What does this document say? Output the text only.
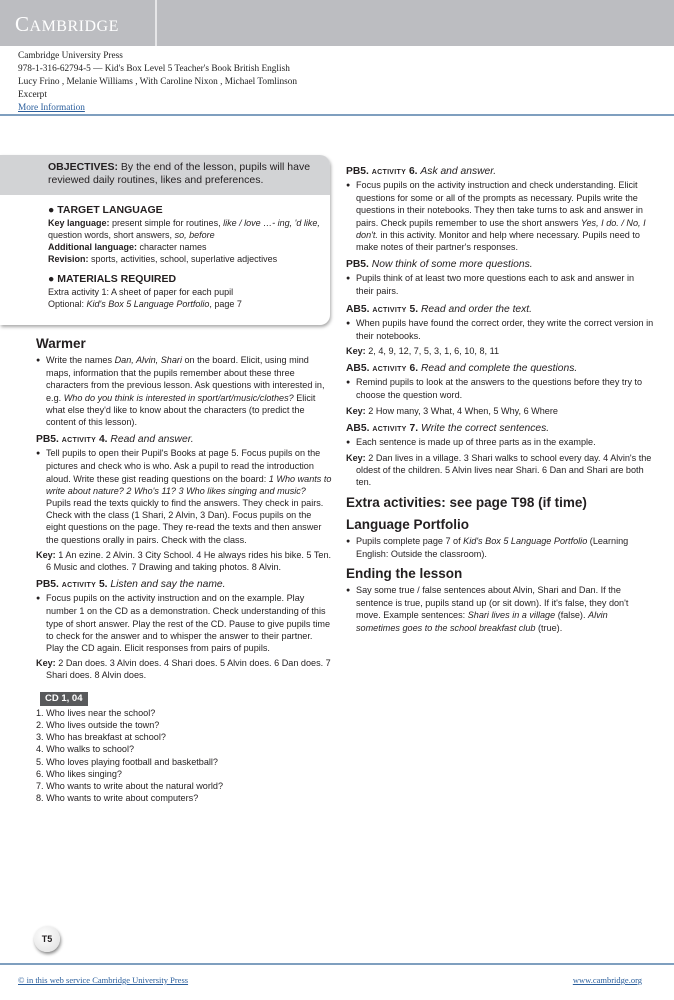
CAMBRIDGE
Cambridge University Press
978-1-316-62794-5 — Kid's Box Level 5 Teacher's Book British English
Lucy Frino , Melanie Williams , With Caroline Nixon , Michael Tomlinson
Excerpt
More Information
OBJECTIVES: By the end of the lesson, pupils will have reviewed daily routines, likes and preferences.
● TARGET LANGUAGE
Key language: present simple for routines, like / love …- ing, 'd like, question words, short answers, so, before
Additional language: character names
Revision: sports, activities, school, superlative adjectives
● MATERIALS REQUIRED
Extra activity 1: A sheet of paper for each pupil
Optional: Kid's Box 5 Language Portfolio, page 7
Warmer
● Write the names Dan, Alvin, Shari on the board. Elicit, using mind maps, information that the pupils remember about these three characters from the previous lesson. Ask questions with interested in, e.g. Who do you think is interested in sport/art/music/clothes? Elicit what else they'd like to know about the characters (to predict the content of this lesson).
PB5. activity 4. Read and answer.
● Tell pupils to open their Pupil's Books at page 5. Focus pupils on the pictures and check who is who. Ask a pupil to read the introduction aloud. Write these gist reading questions on the board: 1 Who wants to write about nature? 2 Who's 11? 3 Who likes singing and music? Pupils read the texts quickly to find the answers. They check in pairs. Check with the class (1 Shari, 2 Alvin, 3 Dan). Focus pupils on the eight questions on the page. They re-read the texts and then answer the questions orally in pairs. Check with the class.
Key: 1 An ezine. 2 Alvin. 3 City School. 4 He always rides his bike. 5 Ten. 6 Music and clothes. 7 Drawing and taking photos. 8 Alvin.
PB5. activity 5. Listen and say the name.
● Focus pupils on the activity instruction and on the example. Play number 1 on the CD as a demonstration. Check understanding of this type of short answer. Play the rest of the CD. Pause to give pupils time to check for the answer and to whisper the answer to their partner. Play the CD again. Elicit responses from pairs of pupils.
Key: 2 Dan does. 3 Alvin does. 4 Shari does. 5 Alvin does. 6 Dan does. 7 Shari does. 8 Alvin does.
CD 1, 04
1. Who lives near the school?
2. Who lives outside the town?
3. Who has breakfast at school?
4. Who walks to school?
5. Who loves playing football and basketball?
6. Who likes singing?
7. Who wants to write about the natural world?
8. Who wants to write about computers?
PB5. activity 6. Ask and answer.
● Focus pupils on the activity instruction and check understanding. Elicit questions for some or all of the prompts as necessary. Pupils write the questions in their notebooks. They then take turns to ask and answer in pairs. Check pupils remember to use the short answers Yes, I do. / No, I don't. in this activity. Monitor and help where necessary. Pupils need to make notes of their partner's responses.
PB5. Now think of some more questions.
● Pupils think of at least two more questions each to ask and answer in their pairs.
AB5. activity 5. Read and order the text.
● When pupils have found the correct order, they write the correct version in their notebooks.
Key: 2, 4, 9, 12, 7, 5, 3, 1, 6, 10, 8, 11
AB5. activity 6. Read and complete the questions.
● Remind pupils to look at the answers to the questions before they try to choose the question word.
Key: 2 How many, 3 What, 4 When, 5 Why, 6 Where
AB5. activity 7. Write the correct sentences.
● Each sentence is made up of three parts as in the example.
Key: 2 Dan lives in a village. 3 Shari walks to school every day. 4 Alvin's the oldest of the children. 5 Alvin lives near Shari. 6 Dan and Shari are both ten.
Extra activities: see page T98 (if time)
Language Portfolio
● Pupils complete page 7 of Kid's Box 5 Language Portfolio (Learning English: Outside the classroom).
Ending the lesson
● Say some true / false sentences about Alvin, Shari and Dan. If the sentence is true, pupils stand up (or sit down). If it's false, they don't move. Example sentences: Shari lives in a village (false). Alvin sometimes goes to the school breakfast club (true).
T5
© in this web service Cambridge University Press	www.cambridge.org
